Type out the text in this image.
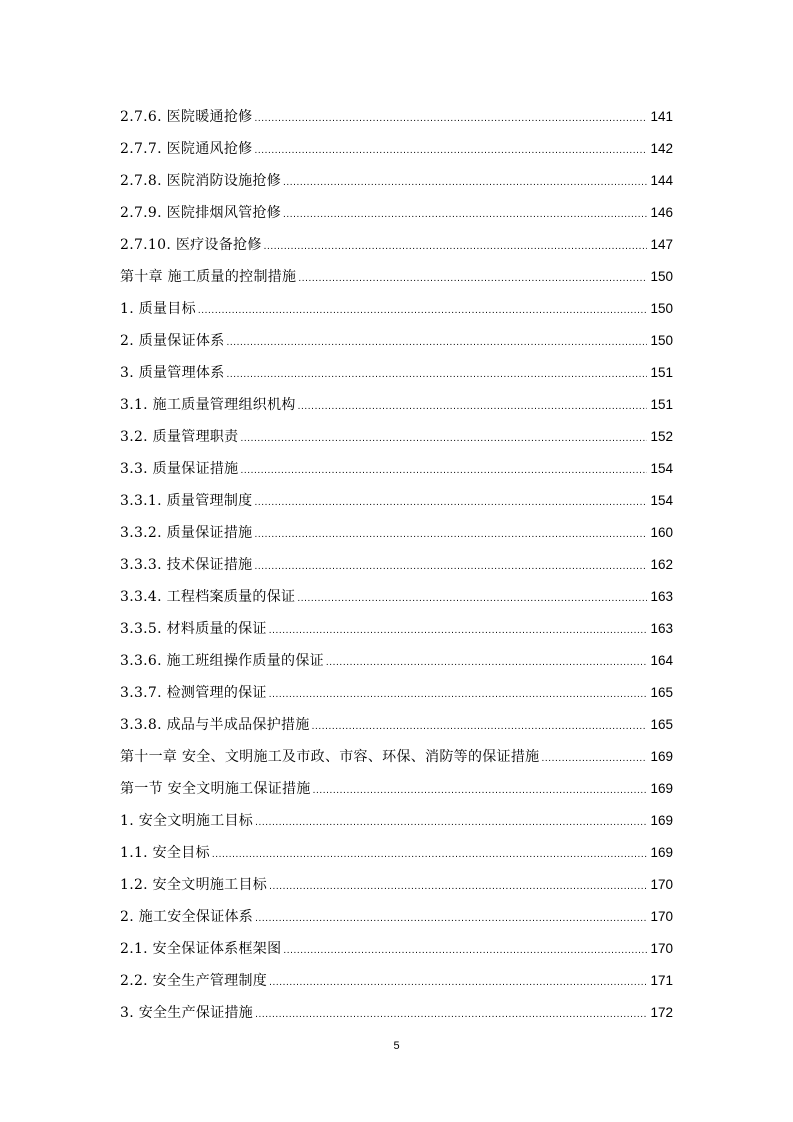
2.7.6. 医院暖通抢修 .....	141
2.7.7. 医院通风抢修 .....	142
2.7.8. 医院消防设施抢修 .....	144
2.7.9. 医院排烟风管抢修 .....	146
2.7.10. 医疗设备抢修 .....	147
第十章 施工质量的控制措施 .....	150
1. 质量目标 .....	150
2. 质量保证体系 .....	150
3. 质量管理体系 .....	151
3.1. 施工质量管理组织机构 .....	151
3.2. 质量管理职责 .....	152
3.3. 质量保证措施 .....	154
3.3.1. 质量管理制度 .....	154
3.3.2. 质量保证措施 .....	160
3.3.3. 技术保证措施 .....	162
3.3.4. 工程档案质量的保证 .....	163
3.3.5. 材料质量的保证 .....	163
3.3.6. 施工班组操作质量的保证 .....	164
3.3.7. 检测管理的保证 .....	165
3.3.8. 成品与半成品保护措施 .....	165
第十一章 安全、文明施工及市政、市容、环保、消防等的保证措施 .....	169
第一节 安全文明施工保证措施 .....	169
1. 安全文明施工目标 .....	169
1.1. 安全目标 .....	169
1.2. 安全文明施工目标 .....	170
2. 施工安全保证体系 .....	170
2.1. 安全保证体系框架图 .....	170
2.2. 安全生产管理制度 .....	171
3. 安全生产保证措施 .....	172
5
